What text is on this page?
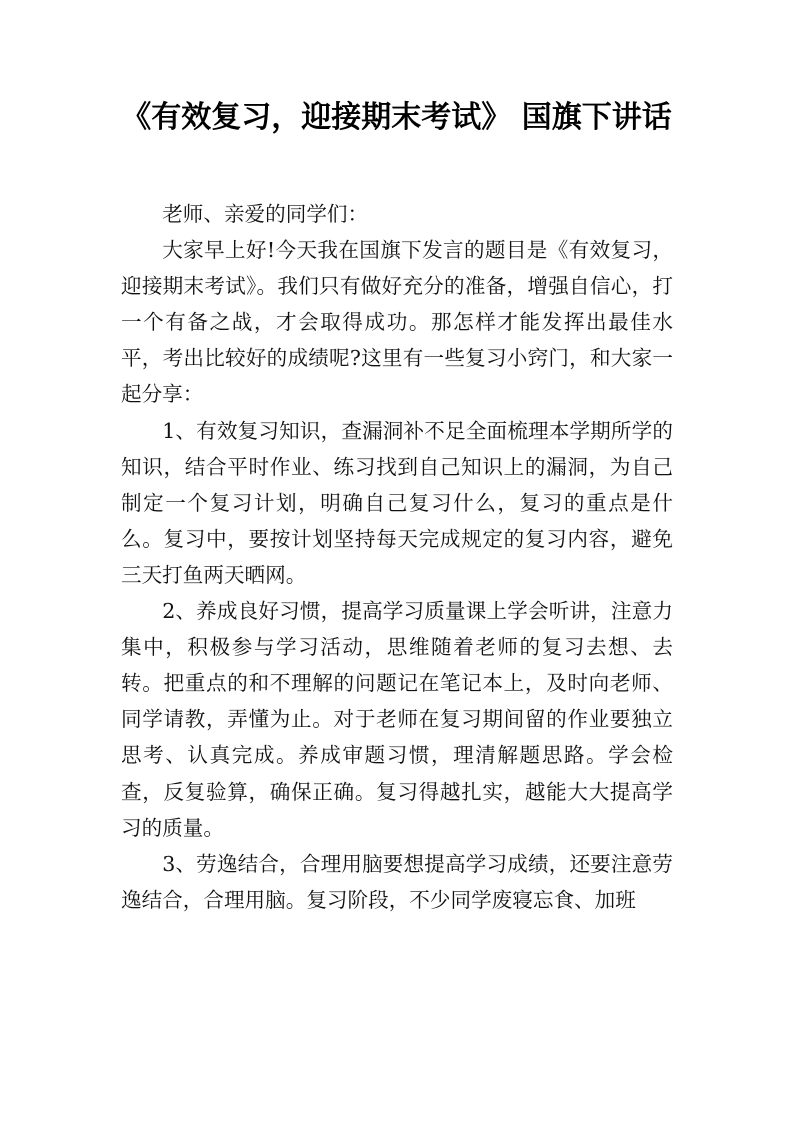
《有效复习，迎接期末考试》 国旗下讲话

老师、亲爱的同学们：

大家早上好!今天我在国旗下发言的题目是《有效复习，迎接期末考试》。我们只有做好充分的准备，增强自信心，打一个有备之战，才会取得成功。那怎样才能发挥出最佳水平，考出比较好的成绩呢?这里有一些复习小窍门，和大家一起分享：

1、有效复习知识，查漏洞补不足全面梳理本学期所学的知识，结合平时作业、练习找到自己知识上的漏洞，为自己制定一个复习计划，明确自己复习什么，复习的重点是什么。复习中，要按计划坚持每天完成规定的复习内容，避免三天打鱼两天晒网。

2、养成良好习惯，提高学习质量课上学会听讲，注意力集中，积极参与学习活动，思维随着老师的复习去想、去转。把重点的和不理解的问题记在笔记本上，及时向老师、同学请教，弄懂为止。对于老师在复习期间留的作业要独立思考、认真完成。养成审题习惯，理清解题思路。学会检查，反复验算，确保正确。复习得越扎实，越能大大提高学习的质量。

3、劳逸结合，合理用脑要想提高学习成绩，还要注意劳逸结合，合理用脑。复习阶段，不少同学废寝忘食、加班
